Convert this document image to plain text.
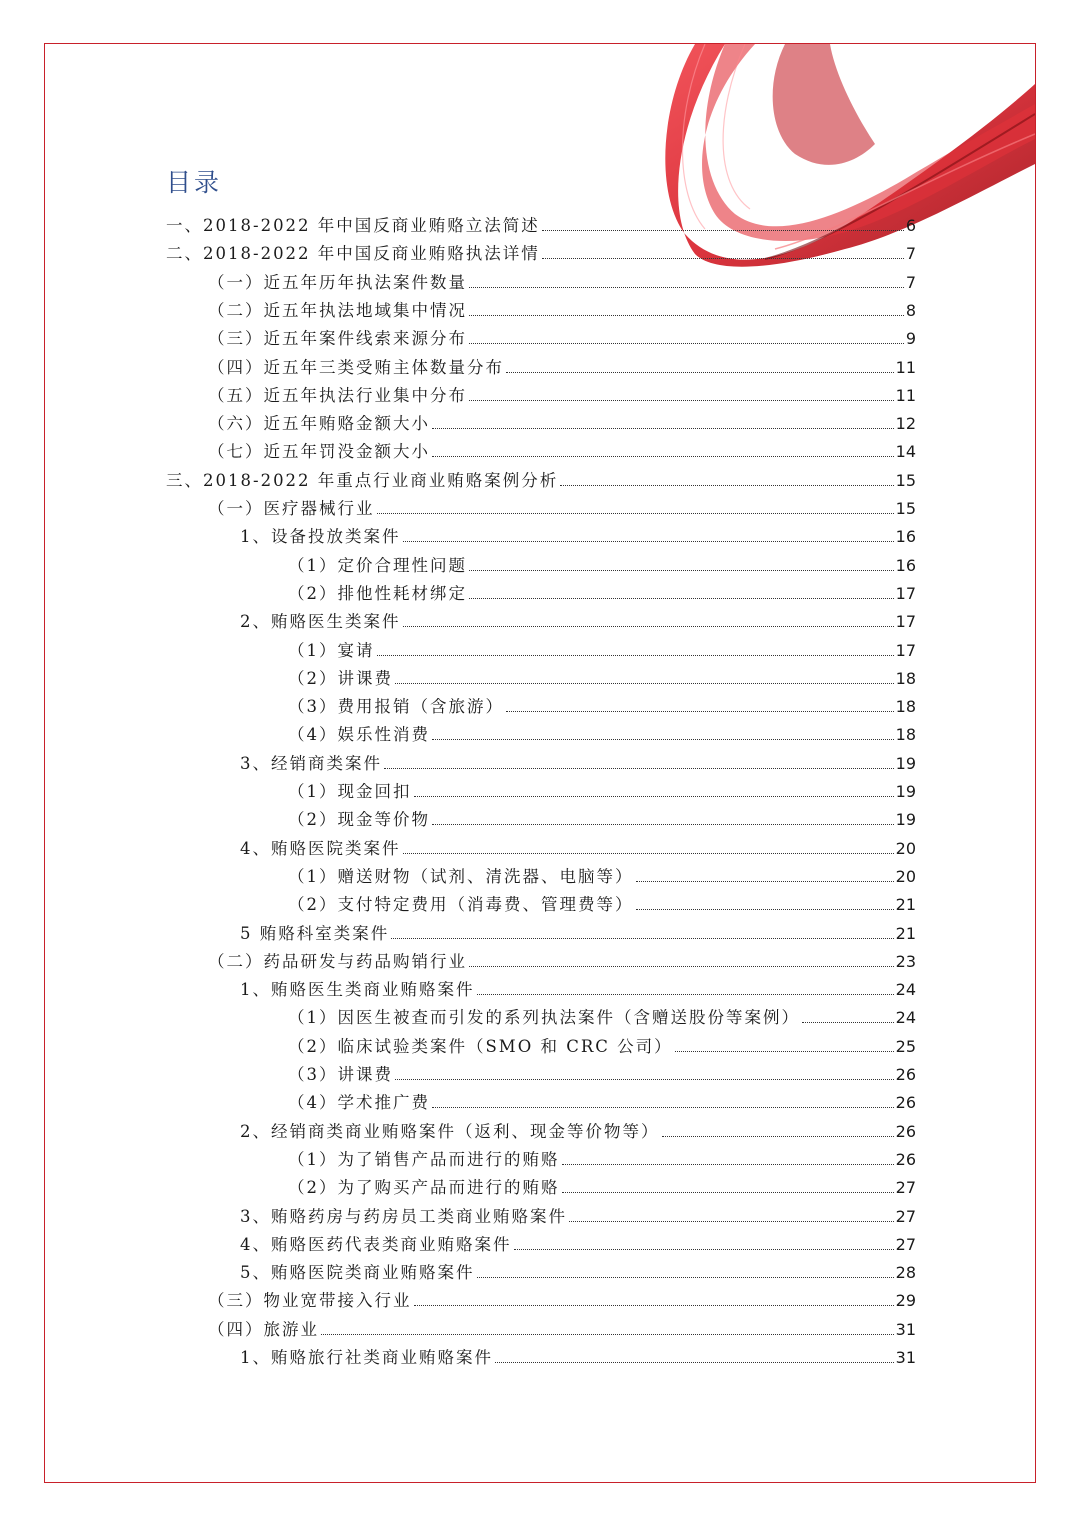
目录
一、2018-2022 年中国反商业贿赂立法简述	6
二、2018-2022 年中国反商业贿赂执法详情	7
（一）近五年历年执法案件数量	7
（二）近五年执法地域集中情况	8
（三）近五年案件线索来源分布	9
（四）近五年三类受贿主体数量分布	11
（五）近五年执法行业集中分布	11
（六）近五年贿赂金额大小	12
（七）近五年罚没金额大小	14
三、2018-2022 年重点行业商业贿赂案例分析	15
（一）医疗器械行业	15
1、设备投放类案件	16
（1）定价合理性问题	16
（2）排他性耗材绑定	17
2、贿赂医生类案件	17
（1）宴请	17
（2）讲课费	18
（3）费用报销（含旅游）	18
（4）娱乐性消费	18
3、经销商类案件	19
（1）现金回扣	19
（2）现金等价物	19
4、贿赂医院类案件	20
（1）赠送财物（试剂、清洗器、电脑等）	20
（2）支付特定费用（消毒费、管理费等）	21
5 贿赂科室类案件	21
（二）药品研发与药品购销行业	23
1、贿赂医生类商业贿赂案件	24
（1）因医生被查而引发的系列执法案件（含赠送股份等案例）	24
（2）临床试验类案件（SMO 和 CRC 公司）	25
（3）讲课费	26
（4）学术推广费	26
2、经销商类商业贿赂案件（返利、现金等价物等）	26
（1）为了销售产品而进行的贿赂	26
（2）为了购买产品而进行的贿赂	27
3、贿赂药房与药房员工类商业贿赂案件	27
4、贿赂医药代表类商业贿赂案件	27
5、贿赂医院类商业贿赂案件	28
（三）物业宽带接入行业	29
（四）旅游业	31
1、贿赂旅行社类商业贿赂案件	31
